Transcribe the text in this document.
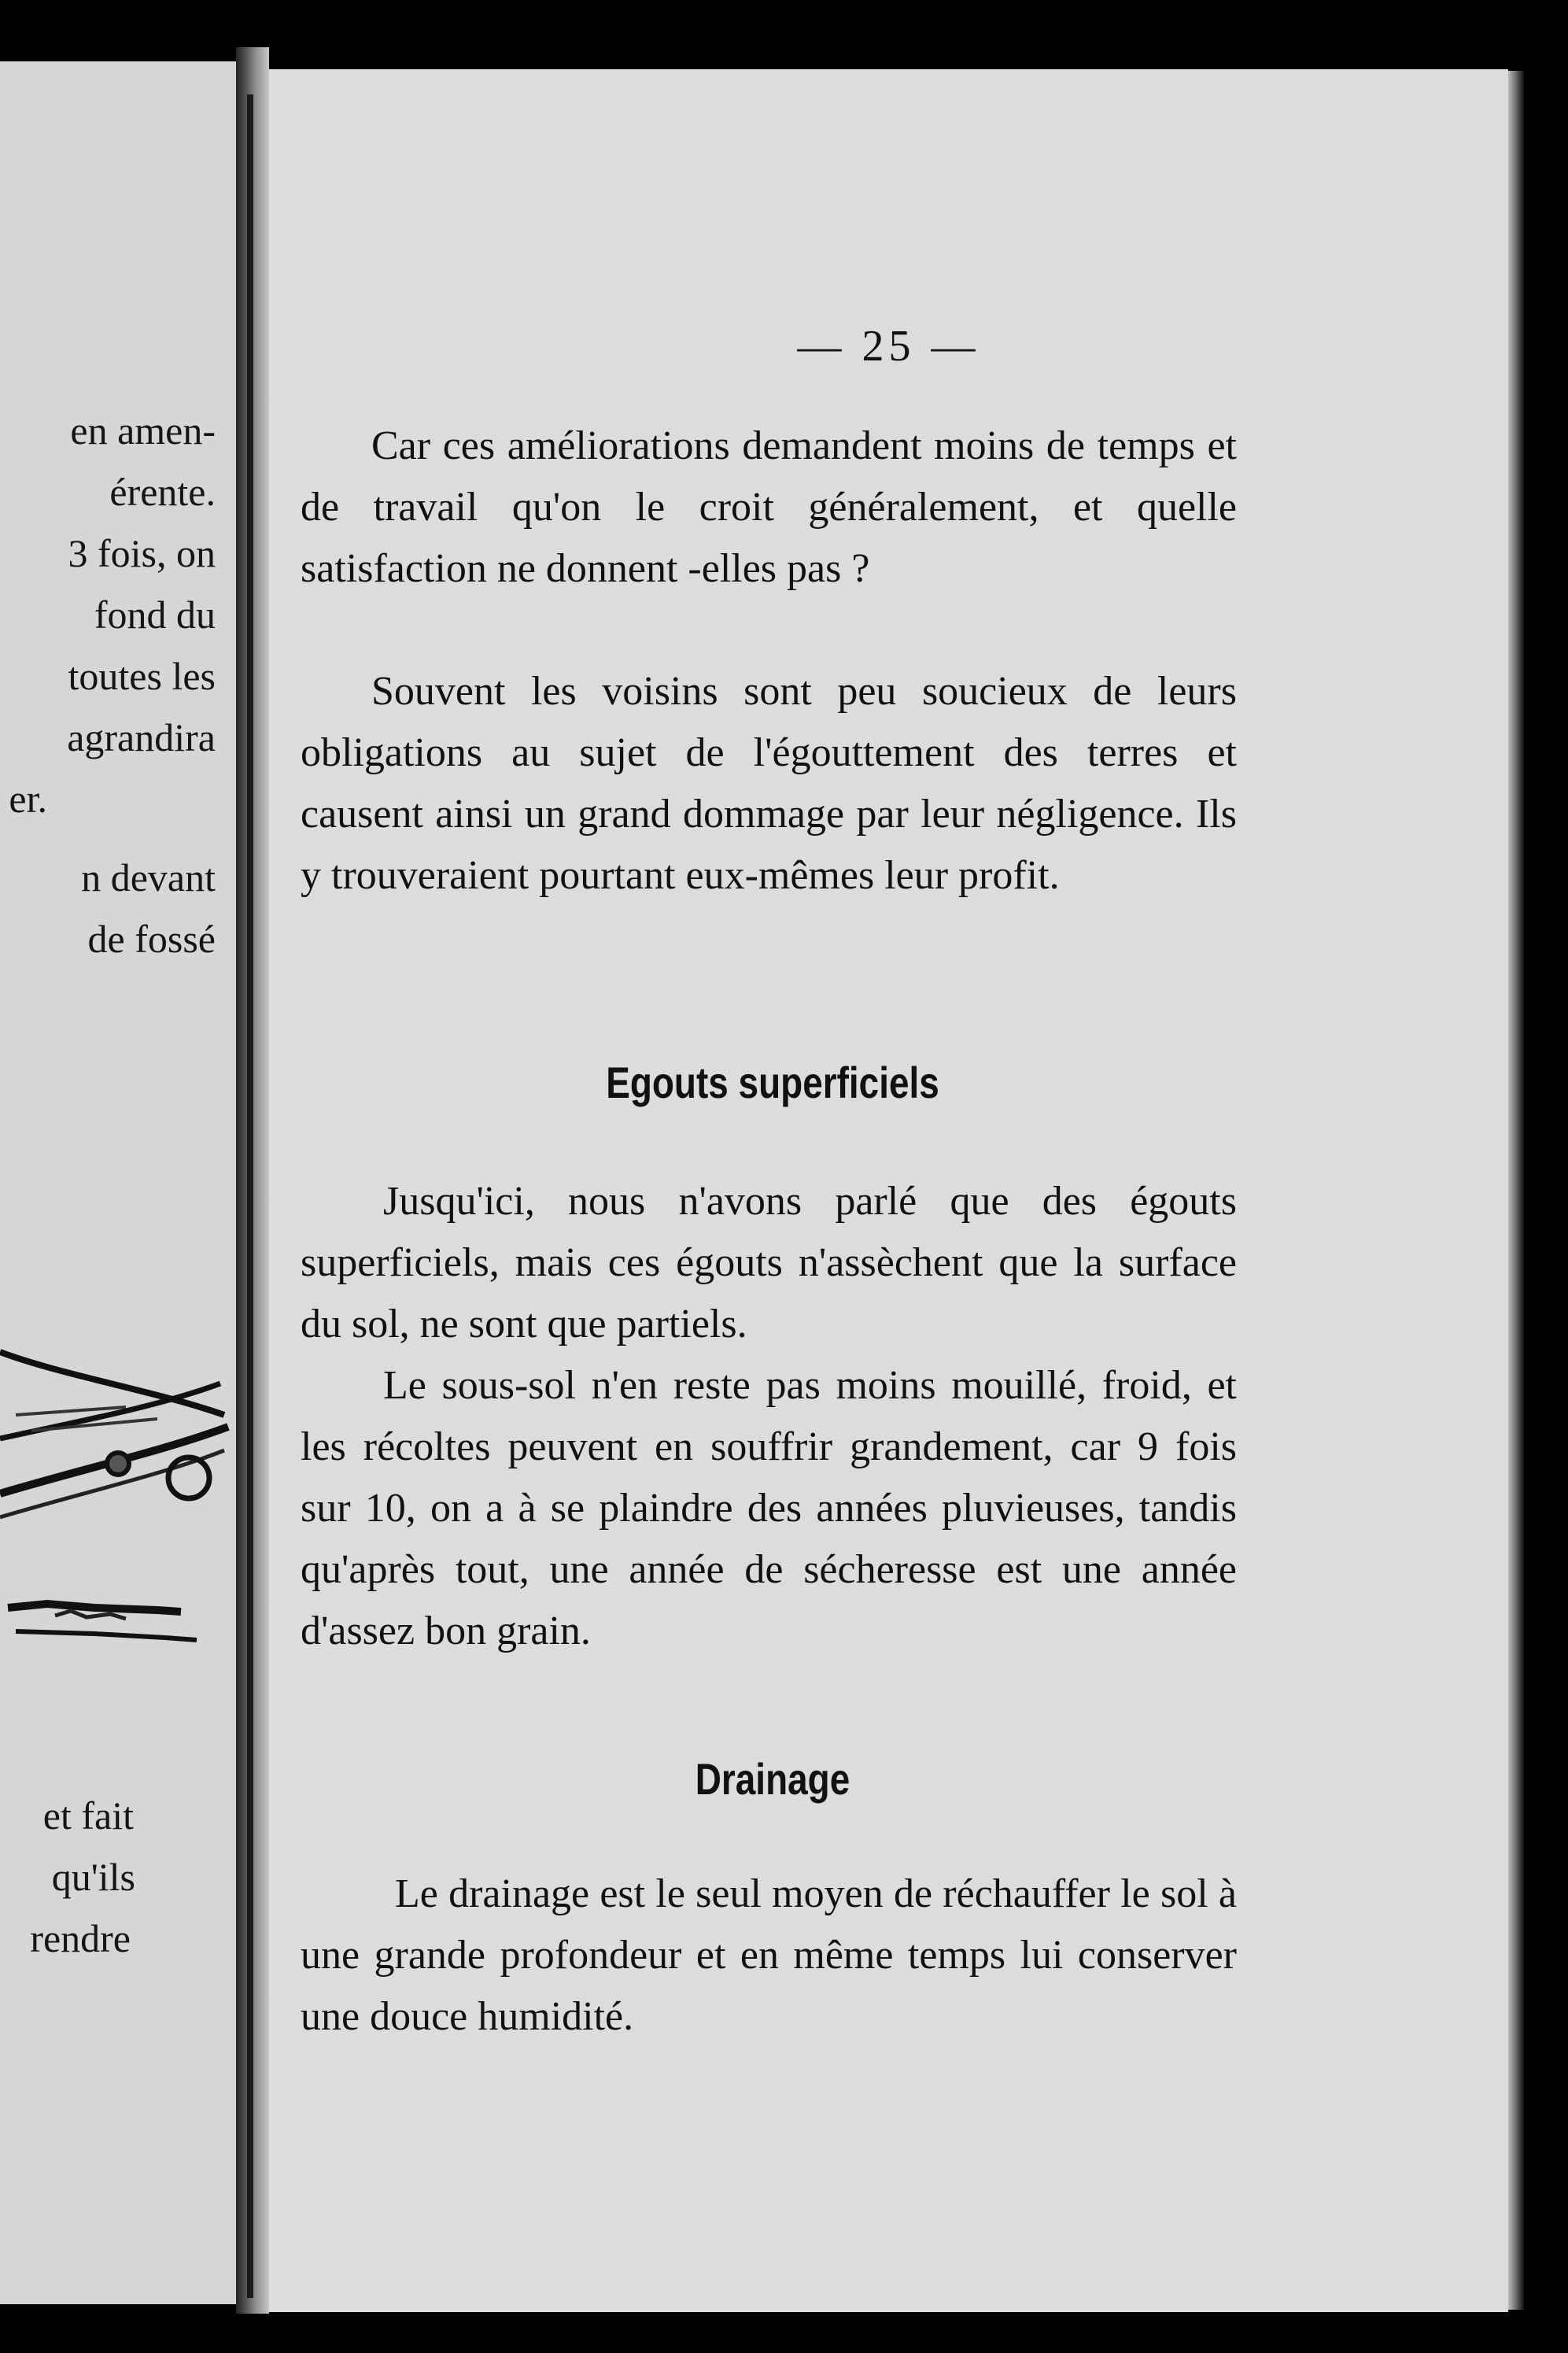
en amen-
érente.
3 fois, on
fond du
toutes les
agrandira
er.
n devant
de fossé
et fait
qu'ils
rendre
— 25 —

Car ces améliorations demandent moins de temps et de travail qu'on le croit généralement, et quelle satisfaction ne donnent -elles pas ?

Souvent les voisins sont peu soucieux de leurs obligations au sujet de l'égouttement des terres et causent ainsi un grand dommage par leur négligence. Ils y trouveraient pourtant eux-mêmes leur profit.

Egouts superficiels

Jusqu'ici, nous n'avons parlé que des égouts superficiels, mais ces égouts n'assèchent que la surface du sol, ne sont que partiels.

Le sous-sol n'en reste pas moins mouillé, froid, et les récoltes peuvent en souffrir grandement, car 9 fois sur 10, on a à se plaindre des années pluvieuses, tandis qu'après tout, une année de sécheresse est une année d'assez bon grain.

Drainage

Le drainage est le seul moyen de réchauffer le sol à une grande profondeur et en même temps lui conserver une douce humidité.
